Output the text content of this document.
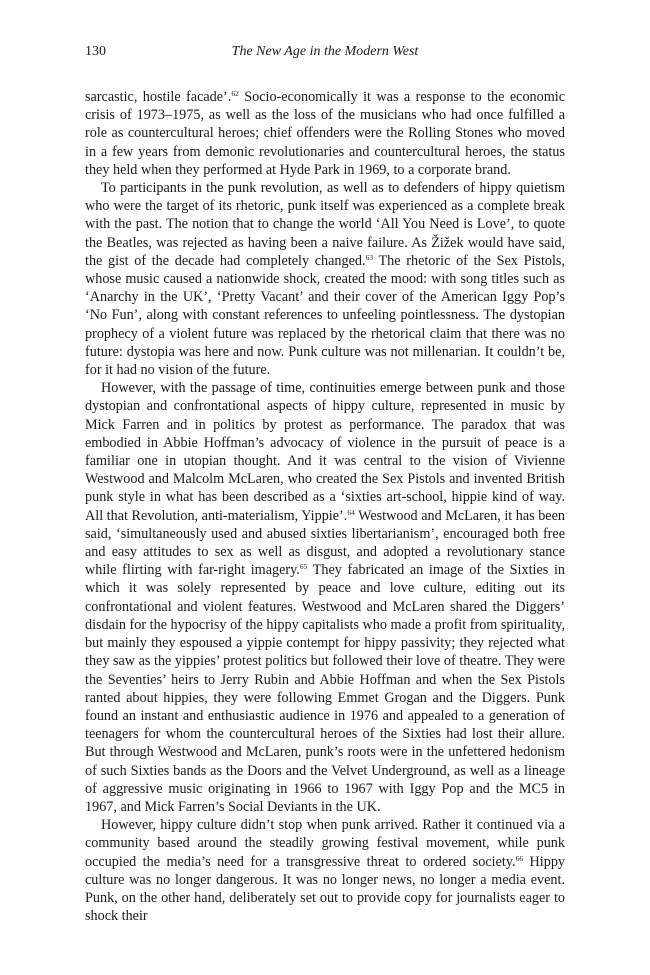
130	The New Age in the Modern West

sarcastic, hostile facade’.$^{62}$ Socio-economically it was a response to the economic crisis of 1973–1975, as well as the loss of the musicians who had once fulfilled a role as countercultural heroes; chief offenders were the Rolling Stones who moved in a few years from demonic revolutionaries and countercultural heroes, the status they held when they performed at Hyde Park in 1969, to a corporate brand.

To participants in the punk revolution, as well as to defenders of hippy quietism who were the target of its rhetoric, punk itself was experienced as a complete break with the past. The notion that to change the world ‘All You Need is Love’, to quote the Beatles, was rejected as having been a naive failure. As Žižek would have said, the gist of the decade had completely changed.$^{63}$ The rhetoric of the Sex Pistols, whose music caused a nationwide shock, created the mood: with song titles such as ‘Anarchy in the UK’, ‘Pretty Vacant’ and their cover of the American Iggy Pop’s ‘No Fun’, along with constant references to unfeeling pointlessness. The dystopian prophecy of a violent future was replaced by the rhetorical claim that there was no future: dystopia was here and now. Punk culture was not millenarian. It couldn’t be, for it had no vision of the future.

However, with the passage of time, continuities emerge between punk and those dystopian and confrontational aspects of hippy culture, represented in music by Mick Farren and in politics by protest as performance. The paradox that was embodied in Abbie Hoffman’s advocacy of violence in the pursuit of peace is a familiar one in utopian thought. And it was central to the vision of Vivienne Westwood and Malcolm McLaren, who created the Sex Pistols and invented British punk style in what has been described as a ‘sixties art-school, hippie kind of way. All that Revolution, anti-materialism, Yippie’.$^{64}$ Westwood and McLaren, it has been said, ‘simultaneously used and abused sixties libertarianism’, encouraged both free and easy attitudes to sex as well as disgust, and adopted a revolutionary stance while flirting with far-right imagery.$^{65}$ They fabricated an image of the Sixties in which it was solely represented by peace and love culture, editing out its confrontational and violent features. Westwood and McLaren shared the Diggers’ disdain for the hypocrisy of the hippy capitalists who made a profit from spirituality, but mainly they espoused a yippie contempt for hippy passivity; they rejected what they saw as the yippies’ protest politics but followed their love of theatre. They were the Seventies’ heirs to Jerry Rubin and Abbie Hoffman and when the Sex Pistols ranted about hippies, they were following Emmet Grogan and the Diggers. Punk found an instant and enthusiastic audience in 1976 and appealed to a generation of teenagers for whom the countercultural heroes of the Sixties had lost their allure. But through Westwood and McLaren, punk’s roots were in the unfettered hedonism of such Sixties bands as the Doors and the Velvet Underground, as well as a lineage of aggressive music originating in 1966 to 1967 with Iggy Pop and the MC5 in 1967, and Mick Farren’s Social Deviants in the UK.

However, hippy culture didn’t stop when punk arrived. Rather it continued via a community based around the steadily growing festival movement, while punk occupied the media’s need for a transgressive threat to ordered society.$^{66}$ Hippy culture was no longer dangerous. It was no longer news, no longer a media event. Punk, on the other hand, deliberately set out to provide copy for journalists eager to shock their
